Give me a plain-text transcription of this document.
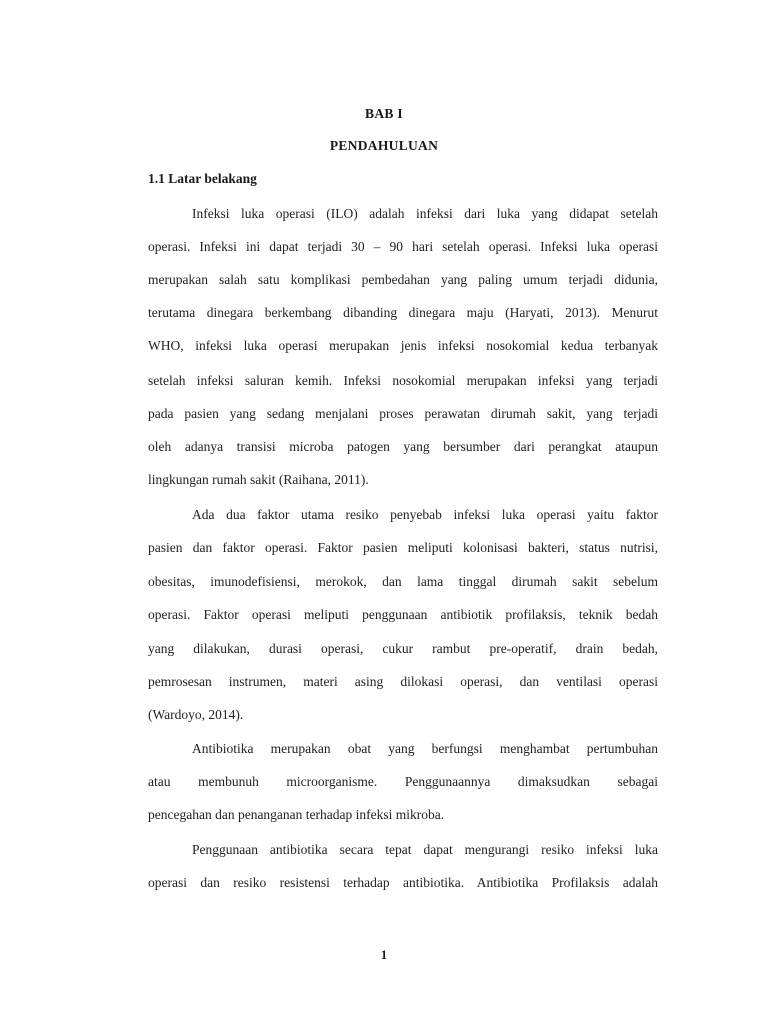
BAB I
PENDAHULUAN
1.1 Latar belakang
Infeksi luka operasi (ILO) adalah infeksi dari luka yang didapat setelah
operasi. Infeksi ini dapat terjadi 30 – 90 hari setelah operasi. Infeksi luka operasi
merupakan salah satu komplikasi pembedahan yang paling umum terjadi didunia,
terutama dinegara berkembang dibanding dinegara maju (Haryati, 2013). Menurut
WHO, infeksi luka operasi merupakan jenis infeksi nosokomial kedua terbanyak
setelah infeksi saluran kemih. Infeksi nosokomial merupakan infeksi yang terjadi
pada pasien yang sedang menjalani proses perawatan dirumah sakit, yang terjadi
oleh adanya transisi microba patogen yang bersumber dari perangkat ataupun
lingkungan rumah sakit (Raihana, 2011).
Ada dua faktor utama resiko penyebab infeksi luka operasi yaitu faktor
pasien dan faktor operasi. Faktor pasien meliputi kolonisasi bakteri, status nutrisi,
obesitas, imunodefisiensi, merokok, dan lama tinggal dirumah sakit sebelum
operasi. Faktor operasi meliputi penggunaan antibiotik profilaksis, teknik bedah
yang dilakukan, durasi operasi, cukur rambut pre-operatif, drain bedah,
pemrosesan instrumen, materi asing dilokasi operasi, dan ventilasi operasi
(Wardoyo, 2014).
Antibiotika merupakan obat yang berfungsi menghambat pertumbuhan
atau membunuh microorganisme. Penggunaannya dimaksudkan sebagai
pencegahan dan penanganan terhadap infeksi mikroba.
Penggunaan antibiotika secara tepat dapat mengurangi resiko infeksi luka
operasi dan resiko resistensi terhadap antibiotika. Antibiotika Profilaksis adalah
1
